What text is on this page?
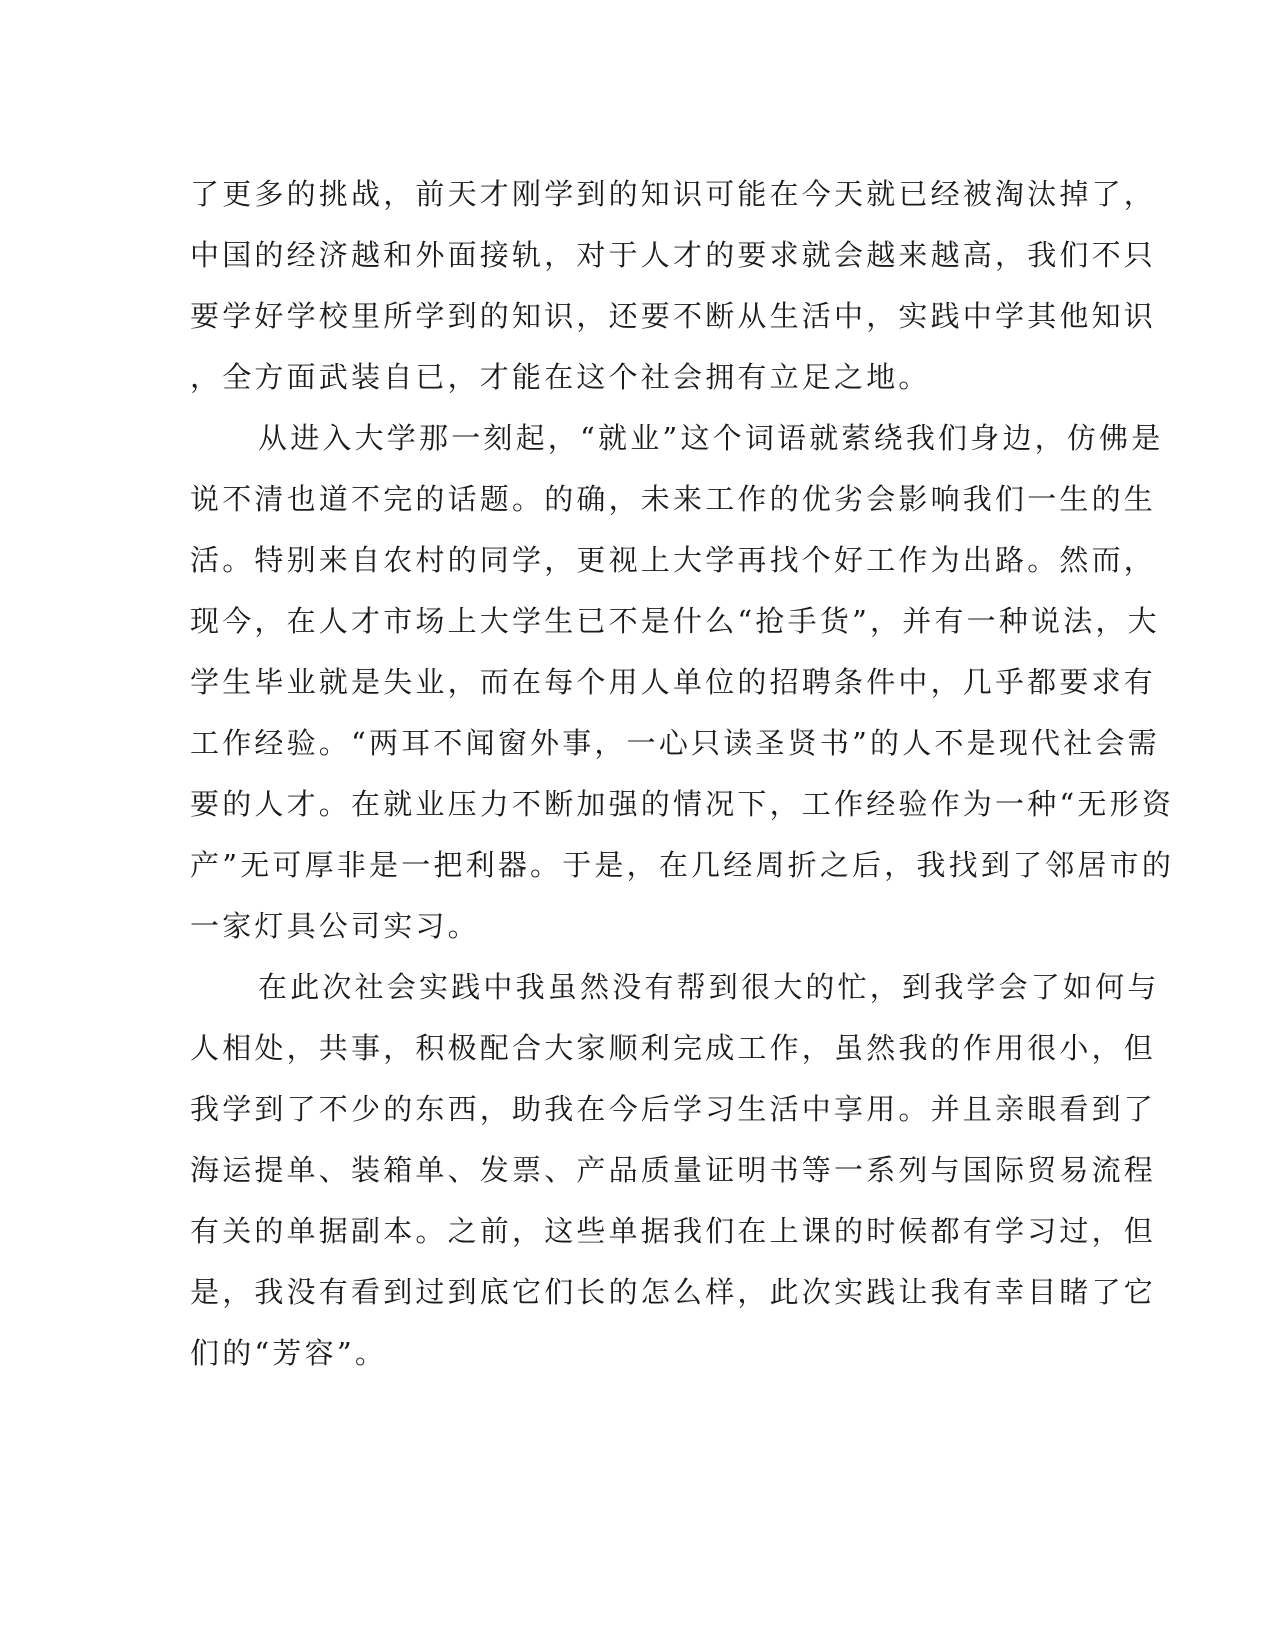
了更多的挑战，前天才刚学到的知识可能在今天就已经被淘汰掉了，
中国的经济越和外面接轨，对于人才的要求就会越来越高，我们不只
要学好学校里所学到的知识，还要不断从生活中，实践中学其他知识
，全方面武装自已，才能在这个社会拥有立足之地。
从进入大学那一刻起，“就业”这个词语就萦绕我们身边，仿佛是
说不清也道不完的话题。的确，未来工作的优劣会影响我们一生的生
活。特别来自农村的同学，更视上大学再找个好工作为出路。然而，
现今，在人才市场上大学生已不是什么“抢手货”，并有一种说法，大
学生毕业就是失业，而在每个用人单位的招聘条件中，几乎都要求有
工作经验。“两耳不闻窗外事，一心只读圣贤书”的人不是现代社会需
要的人才。在就业压力不断加强的情况下，工作经验作为一种“无形资
产”无可厚非是一把利器。于是，在几经周折之后，我找到了邻居市的
一家灯具公司实习。
在此次社会实践中我虽然没有帮到很大的忙，到我学会了如何与
人相处，共事，积极配合大家顺利完成工作，虽然我的作用很小，但
我学到了不少的东西，助我在今后学习生活中享用。并且亲眼看到了
海运提单、装箱单、发票、产品质量证明书等一系列与国际贸易流程
有关的单据副本。之前，这些单据我们在上课的时候都有学习过，但
是，我没有看到过到底它们长的怎么样，此次实践让我有幸目睹了它
们的“芳容”。
